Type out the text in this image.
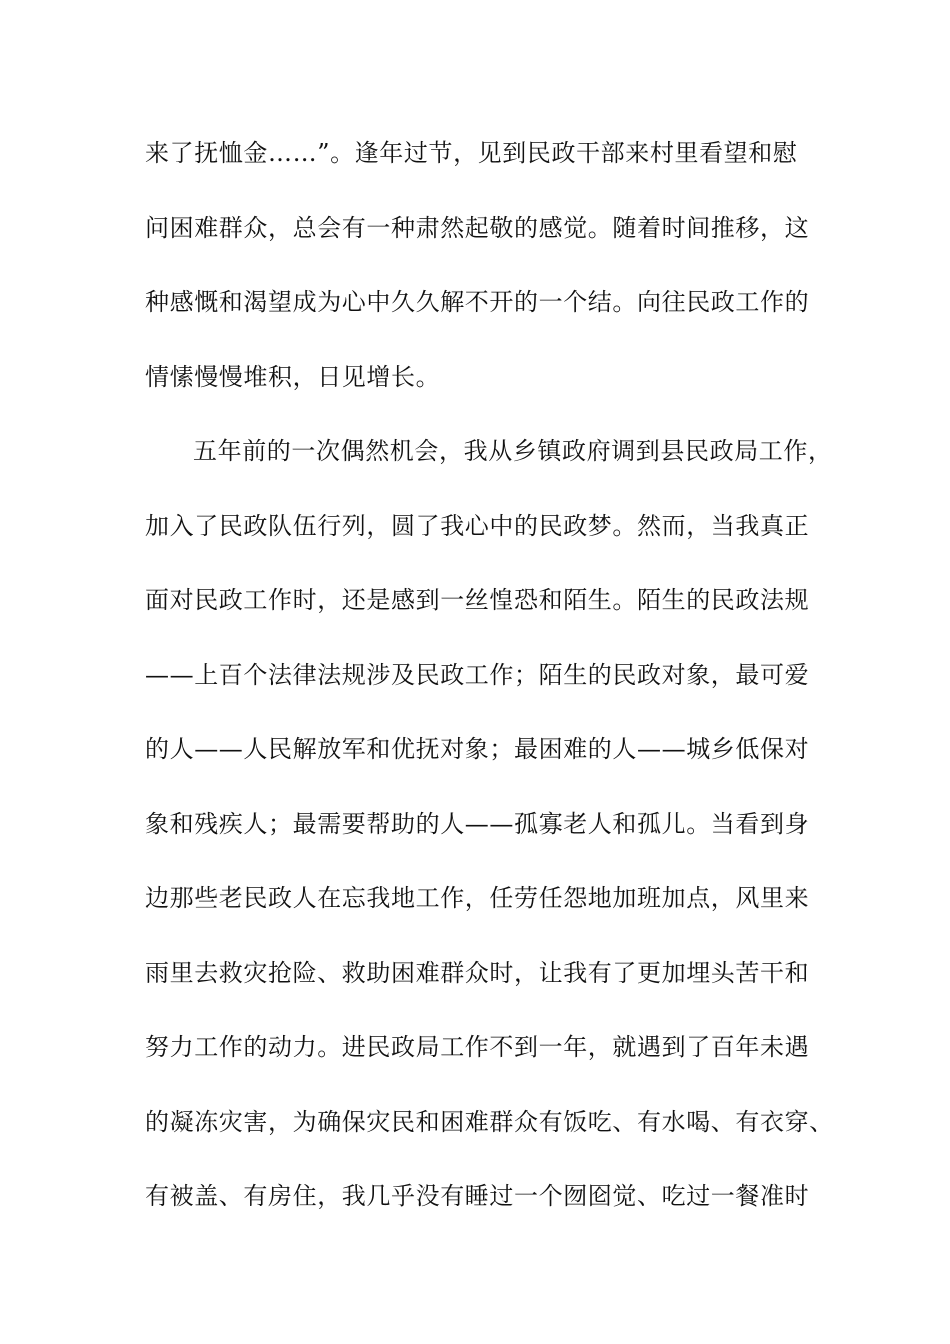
来了抚恤金……”。逢年过节，见到民政干部来村里看望和慰
问困难群众，总会有一种肃然起敬的感觉。随着时间推移，这
种感慨和渴望成为心中久久解不开的一个结。向往民政工作的
情愫慢慢堆积，日见增长。
五年前的一次偶然机会，我从乡镇政府调到县民政局工作，
加入了民政队伍行列，圆了我心中的民政梦。然而，当我真正
面对民政工作时，还是感到一丝惶恐和陌生。陌生的民政法规
——上百个法律法规涉及民政工作；陌生的民政对象，最可爱
的人——人民解放军和优抚对象；最困难的人——城乡低保对
象和残疾人；最需要帮助的人——孤寡老人和孤儿。当看到身
边那些老民政人在忘我地工作，任劳任怨地加班加点，风里来
雨里去救灾抢险、救助困难群众时，让我有了更加埋头苦干和
努力工作的动力。进民政局工作不到一年，就遇到了百年未遇
的凝冻灾害，为确保灾民和困难群众有饭吃、有水喝、有衣穿、
有被盖、有房住，我几乎没有睡过一个囫囵觉、吃过一餐准时
